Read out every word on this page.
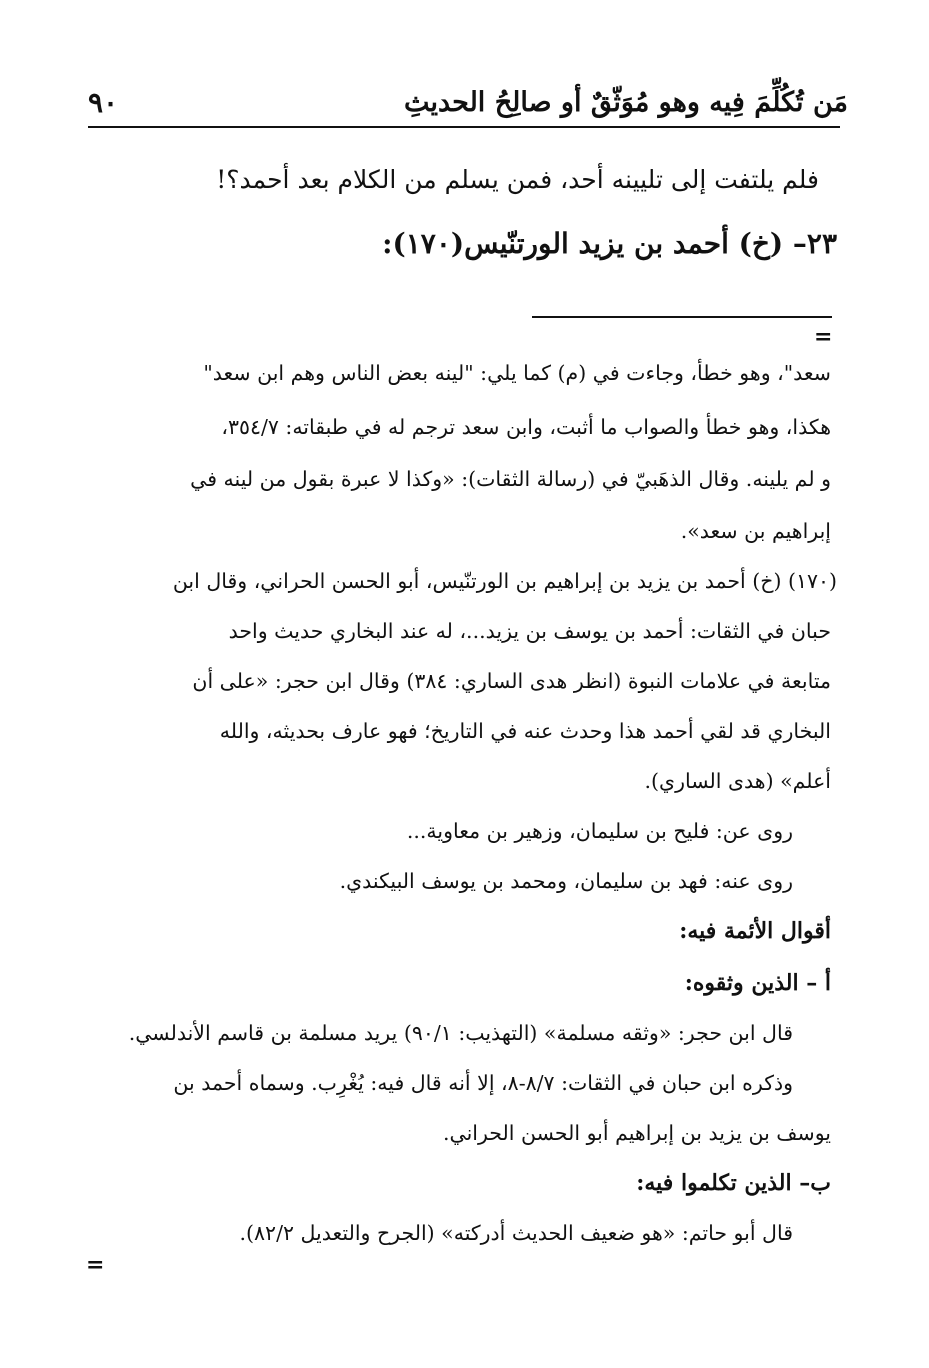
مَن تُكُلِّمَ فِيه وهو مُوَثّقٌ أو صالِحُ الحديثِ
٩٠
فلم يلتفت إلى تليينه أحد، فمن يسلم من الكلام بعد أحمد؟!
٢٣– (خ) أحمد بن يزيد الورتنّيس(١٧٠):
=
سعد"، وهو خطأ، وجاءت في (م) كما يلي: "لينه بعض الناس وهم ابن سعد"
هكذا، وهو خطأ والصواب ما أثبت، وابن سعد ترجم له في طبقاته: ٣٥٤/٧،
و لم يلينه. وقال الذهَبيّ في (رسالة الثقات): «وكذا لا عبرة بقول من لينه في
إبراهيم بن سعد».
(١٧٠) (خ) أحمد بن يزيد بن إبراهيم بن الورتنّيس، أبو الحسن الحراني، وقال ابن
حبان في الثقات: أحمد بن يوسف بن يزيد...، له عند البخاري حديث واحد
متابعة في علامات النبوة (انظر هدى الساري: ٣٨٤) وقال ابن حجر: «على أن
البخاري قد لقي أحمد هذا وحدث عنه في التاريخ؛ فهو عارف بحديثه، والله
أعلم» (هدى الساري).
روى عن: فليح بن سليمان، وزهير بن معاوية...
روى عنه: فهد بن سليمان، ومحمد بن يوسف البيكندي.
أقوال الأئمة فيه:
أ – الذين وثقوه:
قال ابن حجر: «وثقه مسلمة» (التهذيب: ٩٠/١) يريد مسلمة بن قاسم الأندلسي.
وذكره ابن حبان في الثقات: ٨/٧-٨، إلا أنه قال فيه: يُغْرِب. وسماه أحمد بن
يوسف بن يزيد بن إبراهيم أبو الحسن الحراني.
ب– الذين تكلموا فيه:
قال أبو حاتم: «هو ضعيف الحديث أدركته» (الجرح والتعديل ٨٢/٢).
=
